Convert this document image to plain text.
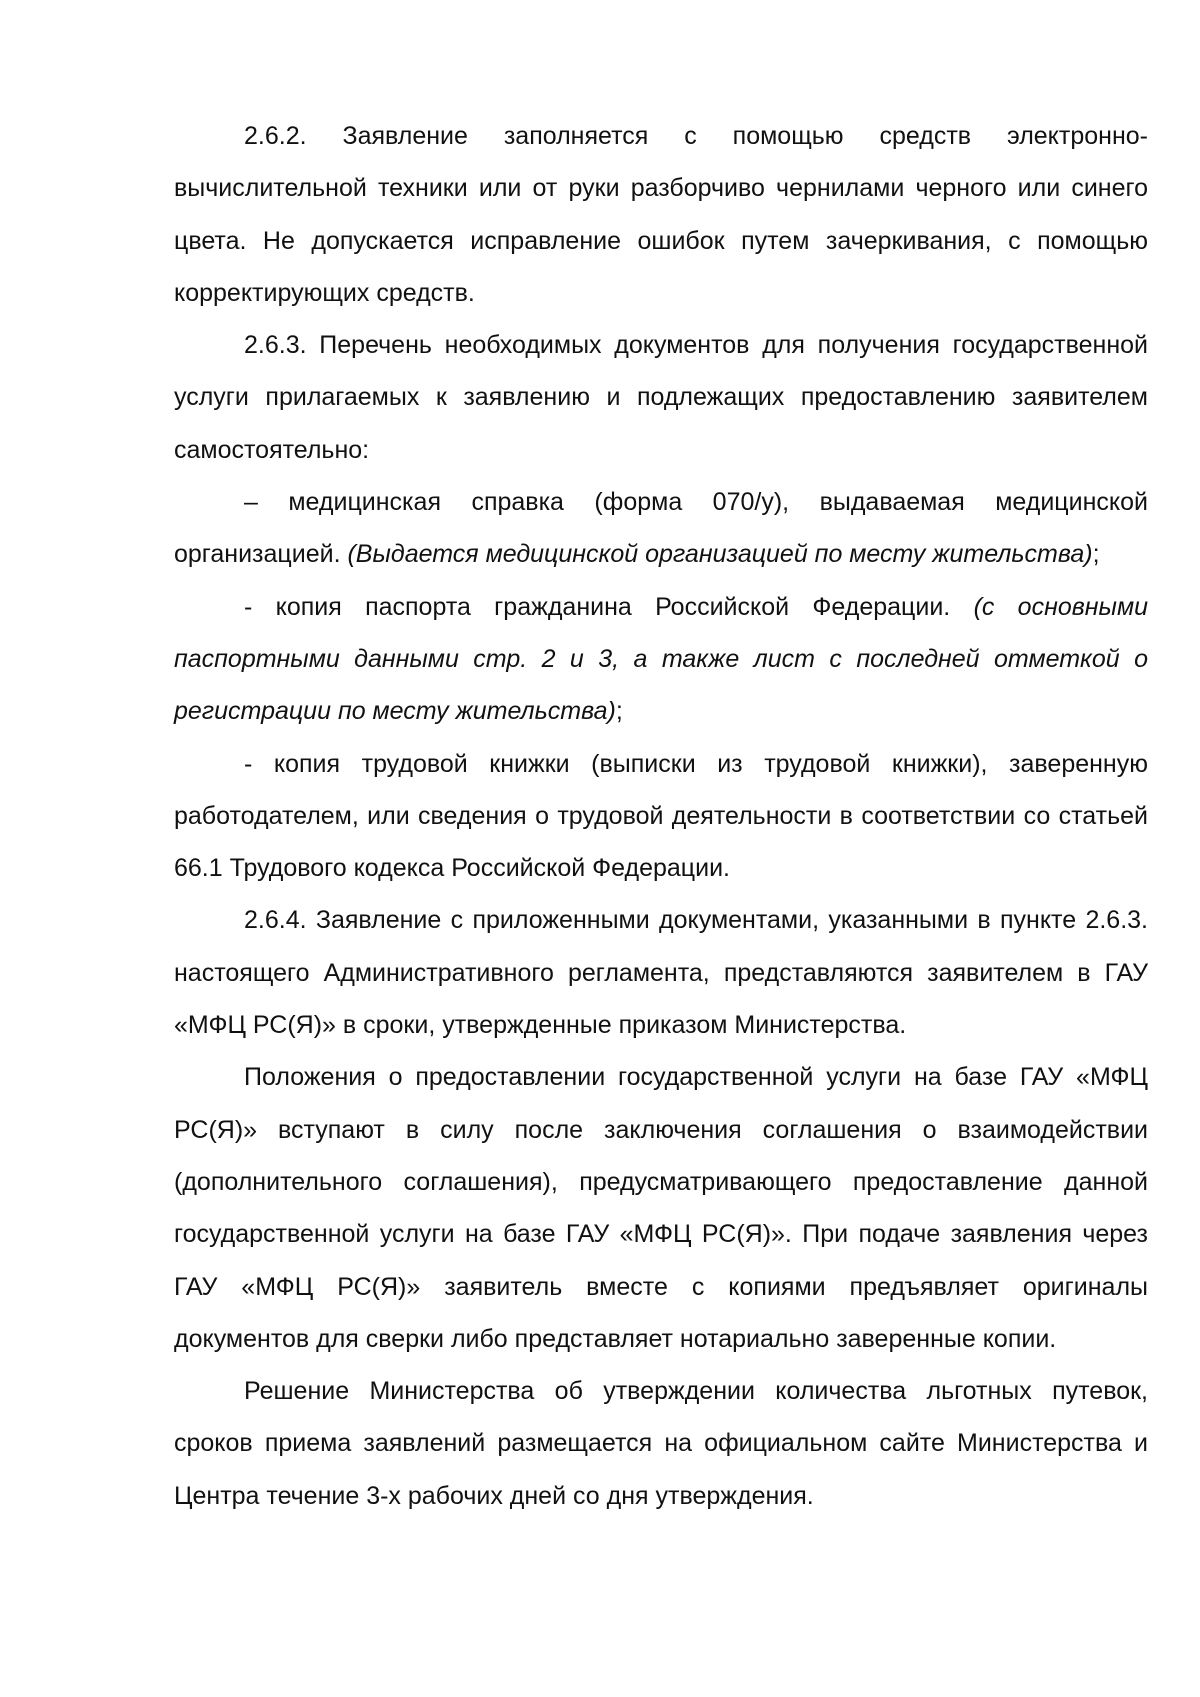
2.6.2. Заявление заполняется с помощью средств электронно-вычислительной техники или от руки разборчиво чернилами черного или синего цвета. Не допускается исправление ошибок путем зачеркивания, с помощью корректирующих средств.

2.6.3. Перечень необходимых документов для получения государственной услуги прилагаемых к заявлению и подлежащих предоставлению заявителем самостоятельно:

– медицинская справка (форма 070/у), выдаваемая медицинской организацией. (Выдается медицинской организацией по месту жительства);

- копия паспорта гражданина Российской Федерации. (с основными паспортными данными стр. 2 и 3, а также лист с последней отметкой о регистрации по месту жительства);

- копия трудовой книжки (выписки из трудовой книжки), заверенную работодателем, или сведения о трудовой деятельности в соответствии со статьей 66.1 Трудового кодекса Российской Федерации.

2.6.4. Заявление с приложенными документами, указанными в пункте 2.6.3. настоящего Административного регламента, представляются заявителем в ГАУ «МФЦ РС(Я)» в сроки, утвержденные приказом Министерства.

Положения о предоставлении государственной услуги на базе ГАУ «МФЦ РС(Я)» вступают в силу после заключения соглашения о взаимодействии (дополнительного соглашения), предусматривающего предоставление данной государственной услуги на базе ГАУ «МФЦ РС(Я)». При подаче заявления через ГАУ «МФЦ РС(Я)» заявитель вместе с копиями предъявляет оригиналы документов для сверки либо представляет нотариально заверенные копии.

Решение Министерства об утверждении количества льготных путевок, сроков приема заявлений размещается на официальном сайте Министерства и Центра течение 3-х рабочих дней со дня утверждения.
